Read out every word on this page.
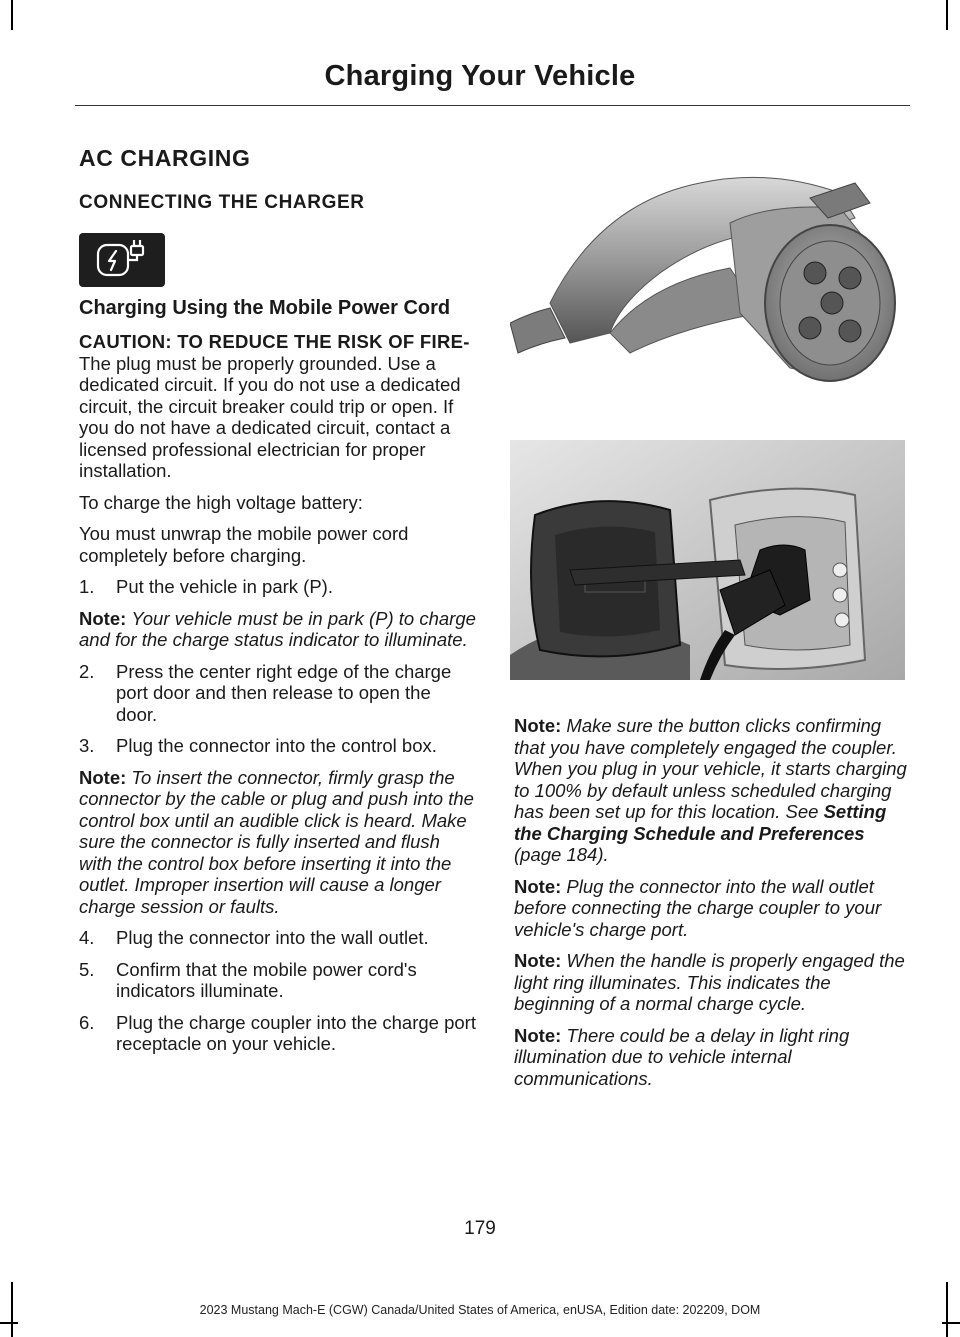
Charging Your Vehicle
AC CHARGING
CONNECTING THE CHARGER
Charging Using the Mobile Power Cord

CAUTION: TO REDUCE THE RISK OF FIRE- The plug must be properly grounded. Use a dedicated circuit. If you do not use a dedicated circuit, the circuit breaker could trip or open. If you do not have a dedicated circuit, contact a licensed professional electrician for proper installation.

To charge the high voltage battery:

You must unwrap the mobile power cord completely before charging.

1. Put the vehicle in park (P).

Note: Your vehicle must be in park (P) to charge and for the charge status indicator to illuminate.

2. Press the center right edge of the charge port door and then release to open the door.
3. Plug the connector into the control box.

Note: To insert the connector, firmly grasp the connector by the cable or plug and push into the control box until an audible click is heard. Make sure the connector is fully inserted and flush with the control box before inserting it into the outlet. Improper insertion will cause a longer charge session or faults.

4. Plug the connector into the wall outlet.
5. Confirm that the mobile power cord's indicators illuminate.
6. Plug the charge coupler into the charge port receptacle on your vehicle.

Note: Make sure the button clicks confirming that you have completely engaged the coupler. When you plug in your vehicle, it starts charging to 100% by default unless scheduled charging has been set up for this location. See Setting the Charging Schedule and Preferences (page 184).

Note: Plug the connector into the wall outlet before connecting the charge coupler to your vehicle's charge port.

Note: When the handle is properly engaged the light ring illuminates. This indicates the beginning of a normal charge cycle.

Note: There could be a delay in light ring illumination due to vehicle internal communications.

179
2023 Mustang Mach-E (CGW) Canada/United States of America, enUSA, Edition date: 202209, DOM
